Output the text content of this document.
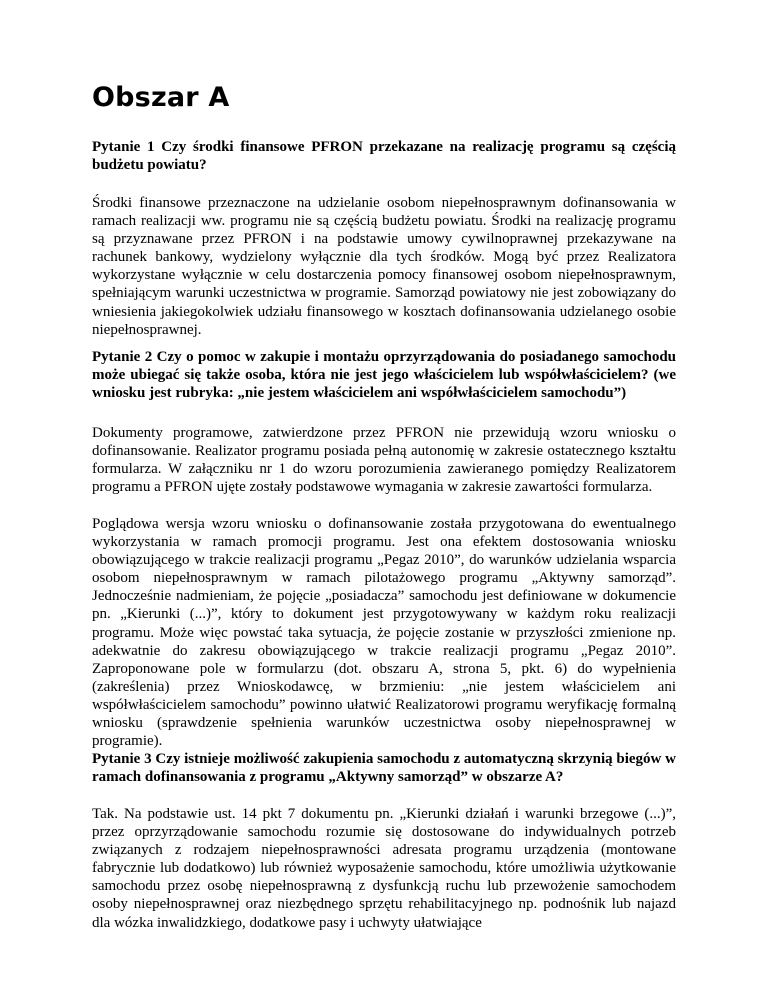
Obszar A

Pytanie 1 Czy środki finansowe PFRON przekazane na realizację programu są częścią budżetu powiatu?

Środki finansowe przeznaczone na udzielanie osobom niepełnosprawnym dofinansowania w ramach realizacji ww. programu nie są częścią budżetu powiatu. Środki na realizację programu są przyznawane przez PFRON i na podstawie umowy cywilnoprawnej przekazywane na rachunek bankowy, wydzielony wyłącznie dla tych środków. Mogą być przez Realizatora wykorzystane wyłącznie w celu dostarczenia pomocy finansowej osobom niepełnosprawnym, spełniającym warunki uczestnictwa w programie. Samorząd powiatowy nie jest zobowiązany do wniesienia jakiegokolwiek udziału finansowego w kosztach dofinansowania udzielanego osobie niepełnosprawnej.

Pytanie 2 Czy o pomoc w zakupie i montażu oprzyrządowania do posiadanego samochodu może ubiegać się także osoba, która nie jest jego właścicielem lub współwłaścicielem? (we wniosku jest rubryka: „nie jestem właścicielem ani współwłaścicielem samochodu”)

Dokumenty programowe, zatwierdzone przez PFRON nie przewidują wzoru wniosku o dofinansowanie. Realizator programu posiada pełną autonomię w zakresie ostatecznego kształtu formularza. W załączniku nr 1 do wzoru porozumienia zawieranego pomiędzy Realizatorem programu a PFRON ujęte zostały podstawowe wymagania w zakresie zawartości formularza.

Poglądowa wersja wzoru wniosku o dofinansowanie została przygotowana do ewentualnego wykorzystania w ramach promocji programu. Jest ona efektem dostosowania wniosku obowiązującego w trakcie realizacji programu „Pegaz 2010”, do warunków udzielania wsparcia osobom niepełnosprawnym w ramach pilotażowego programu „Aktywny samorząd”. Jednocześnie nadmieniam, że pojęcie „posiadacza” samochodu jest definiowane w dokumencie pn. „Kierunki (...)”, który to dokument jest przygotowywany w każdym roku realizacji programu. Może więc powstać taka sytuacja, że pojęcie zostanie w przyszłości zmienione np. adekwatnie do zakresu obowiązującego w trakcie realizacji programu „Pegaz 2010”. Zaproponowane pole w formularzu (dot. obszaru A, strona 5, pkt. 6) do wypełnienia (zakreślenia) przez Wnioskodawcę, w brzmieniu: „nie jestem właścicielem ani współwłaścicielem samochodu” powinno ułatwić Realizatorowi programu weryfikację formalną wniosku (sprawdzenie spełnienia warunków uczestnictwa osoby niepełnosprawnej w programie).

Pytanie 3 Czy istnieje możliwość zakupienia samochodu z automatyczną skrzynią biegów w ramach dofinansowania z programu „Aktywny samorząd” w obszarze A?

Tak. Na podstawie ust. 14 pkt 7 dokumentu pn. „Kierunki działań i warunki brzegowe (...)”, przez oprzyrządowanie samochodu rozumie się dostosowane do indywidualnych potrzeb związanych z rodzajem niepełnosprawności adresata programu urządzenia (montowane fabrycznie lub dodatkowo) lub również wyposażenie samochodu, które umożliwia użytkowanie samochodu przez osobę niepełnosprawną z dysfunkcją ruchu lub przewożenie samochodem osoby niepełnosprawnej oraz niezbędnego sprzętu rehabilitacyjnego np. podnośnik lub najazd dla wózka inwalidzkiego, dodatkowe pasy i uchwyty ułatwiające
